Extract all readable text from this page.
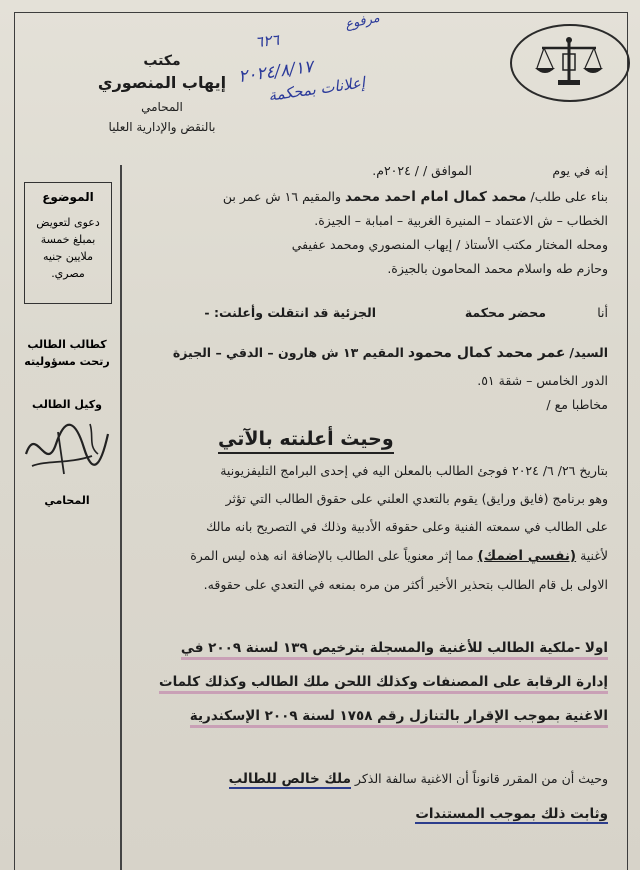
مكتب
إيهاب المنصوري
المحامي
بالنقض والإدارية العليا
مرفوع
٦٢٦
٢٠٢٤/٨/١٧
إعلانات بمحكمة
الموضوع
دعوى لتعويض
بمبلغ خمسة
ملايين جنيه
مصري.
كطالب الطالب
رتحت مسؤوليته
وكيل الطالب
المحامي
إنه في يوم
الموافق / / ٢٠٢٤م.
بناء على طلب/ محمد كمال امام احمد محمد والمقيم ١٦ ش عمر بن
الخطاب – ش الاعتماد – المنيرة الغربية – امبابة – الجيزة.
ومحله المختار مكتب الأستاذ / إيهاب المنصوري ومحمد عفيفي
وحازم طه واسلام محمد المحامون بالجيزة.
أنا
محضر محكمة
الجزئية قد انتقلت وأعلنت: -
السيد/ عمر محمد كمال محمود المقيم ١٣ ش هارون – الدقي – الجيزة
الدور الخامس – شقة ٥١.
مخاطبا مع /
وحيث أعلنته بالآتي
بتاريخ ٢٦/ ٦/ ٢٠٢٤ فوجئ الطالب بالمعلن اليه في إحدى البرامج التليفزيونية
وهو برنامج (فايق ورايق) يقوم بالتعدي العلني على حقوق الطالب التي تؤثر
على الطالب في سمعته الفنية وعلى حقوقه الأدبية وذلك في التصريح بانه مالك
لأغنية (نفسي اضمك) مما إثر معنوياً على الطالب بالإضافة انه هذه ليس المرة
الاولى بل قام الطالب بتحذير الأخير أكثر من مره بمنعه في التعدي على حقوقه.
اولا -ملكية الطالب للأغنية والمسجلة بترخيص ١٣٩ لسنة ٢٠٠٩ في
إدارة الرقابة على المصنفات وكذلك اللحن ملك الطالب وكذلك كلمات
الاغنية بموجب الإقرار بالتنازل رقم ١٧٥٨ لسنة ٢٠٠٩ الإسكندرية
وحيث أن من المقرر قانوناً أن الاغنية سالفة الذكر ملك خالص للطالب
وثابت ذلك بموجب المستندات
